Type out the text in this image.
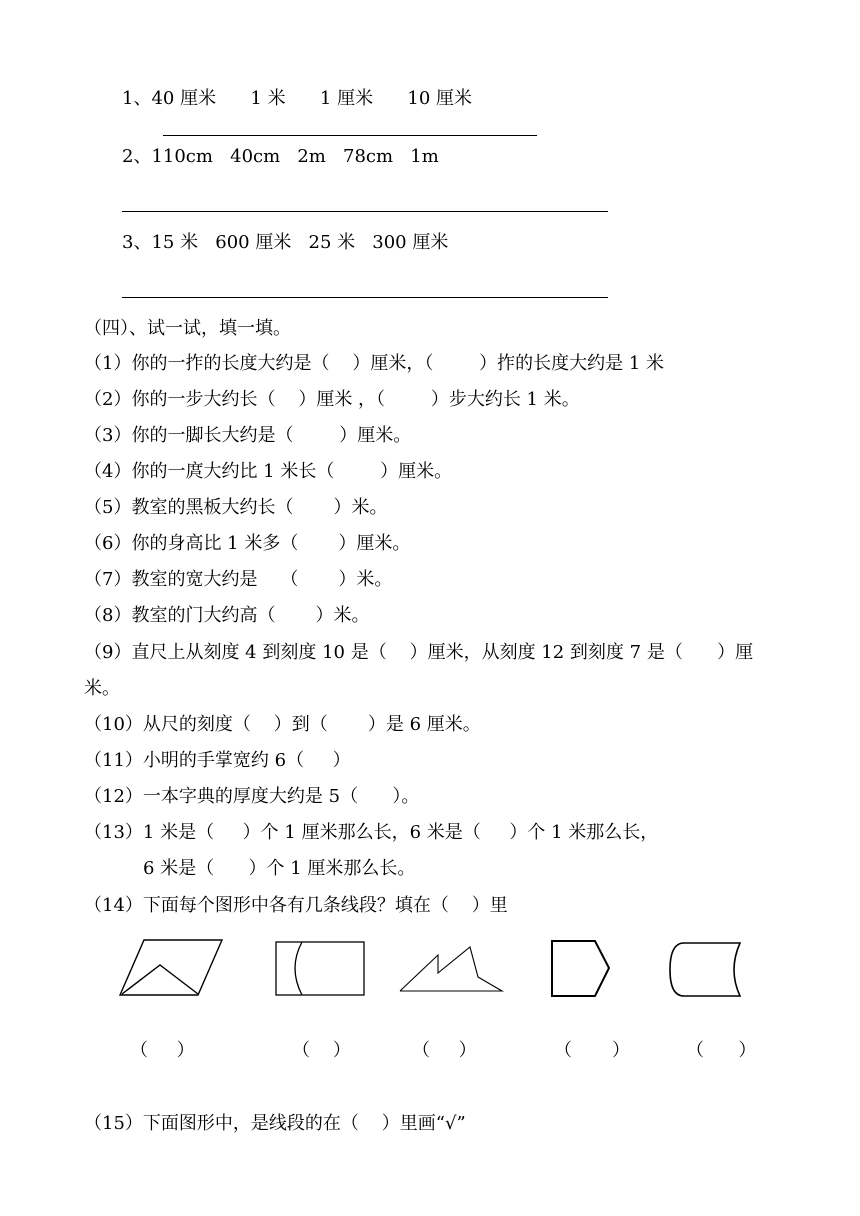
1、40 厘米      1 米      1 厘米      10 厘米
2、110cm   40cm   2m   78cm   1m
3、15 米   600 厘米   25 米   300 厘米
（四）、试一试，填一填。
（1）你的一拃的长度大约是（    ）厘米，（        ）拃的长度大约是 1 米
（2）你的一步大约长（    ）厘米 ，（        ）步大约长 1 米。
（3）你的一脚长大约是（        ）厘米。
（4）你的一庹大约比 1 米长（        ）厘米。
（5）教室的黑板大约长（       ）米。
（6）你的身高比 1 米多（       ）厘米。
（7）教室的宽大约是    （       ）米。
（8）教室的门大约高（       ）米。
（9）直尺上从刻度 4 到刻度 10 是（    ）厘米，从刻度 12 到刻度 7 是（      ）厘
米。
（10）从尺的刻度（    ）到（       ）是 6 厘米。
（11）小明的手掌宽约 6（     ）
（12）一本字典的厚度大约是 5（      ）。
（13）1 米是（     ）个 1 厘米那么长，6 米是（     ）个 1 米那么长，
6 米是（      ）个 1 厘米那么长。
（14）下面每个图形中各有几条线段？填在（    ）里
（     ）	（    ）	（     ）	（       ）	（      ）
（15）下面图形中，是线段的在（    ）里画“√”
